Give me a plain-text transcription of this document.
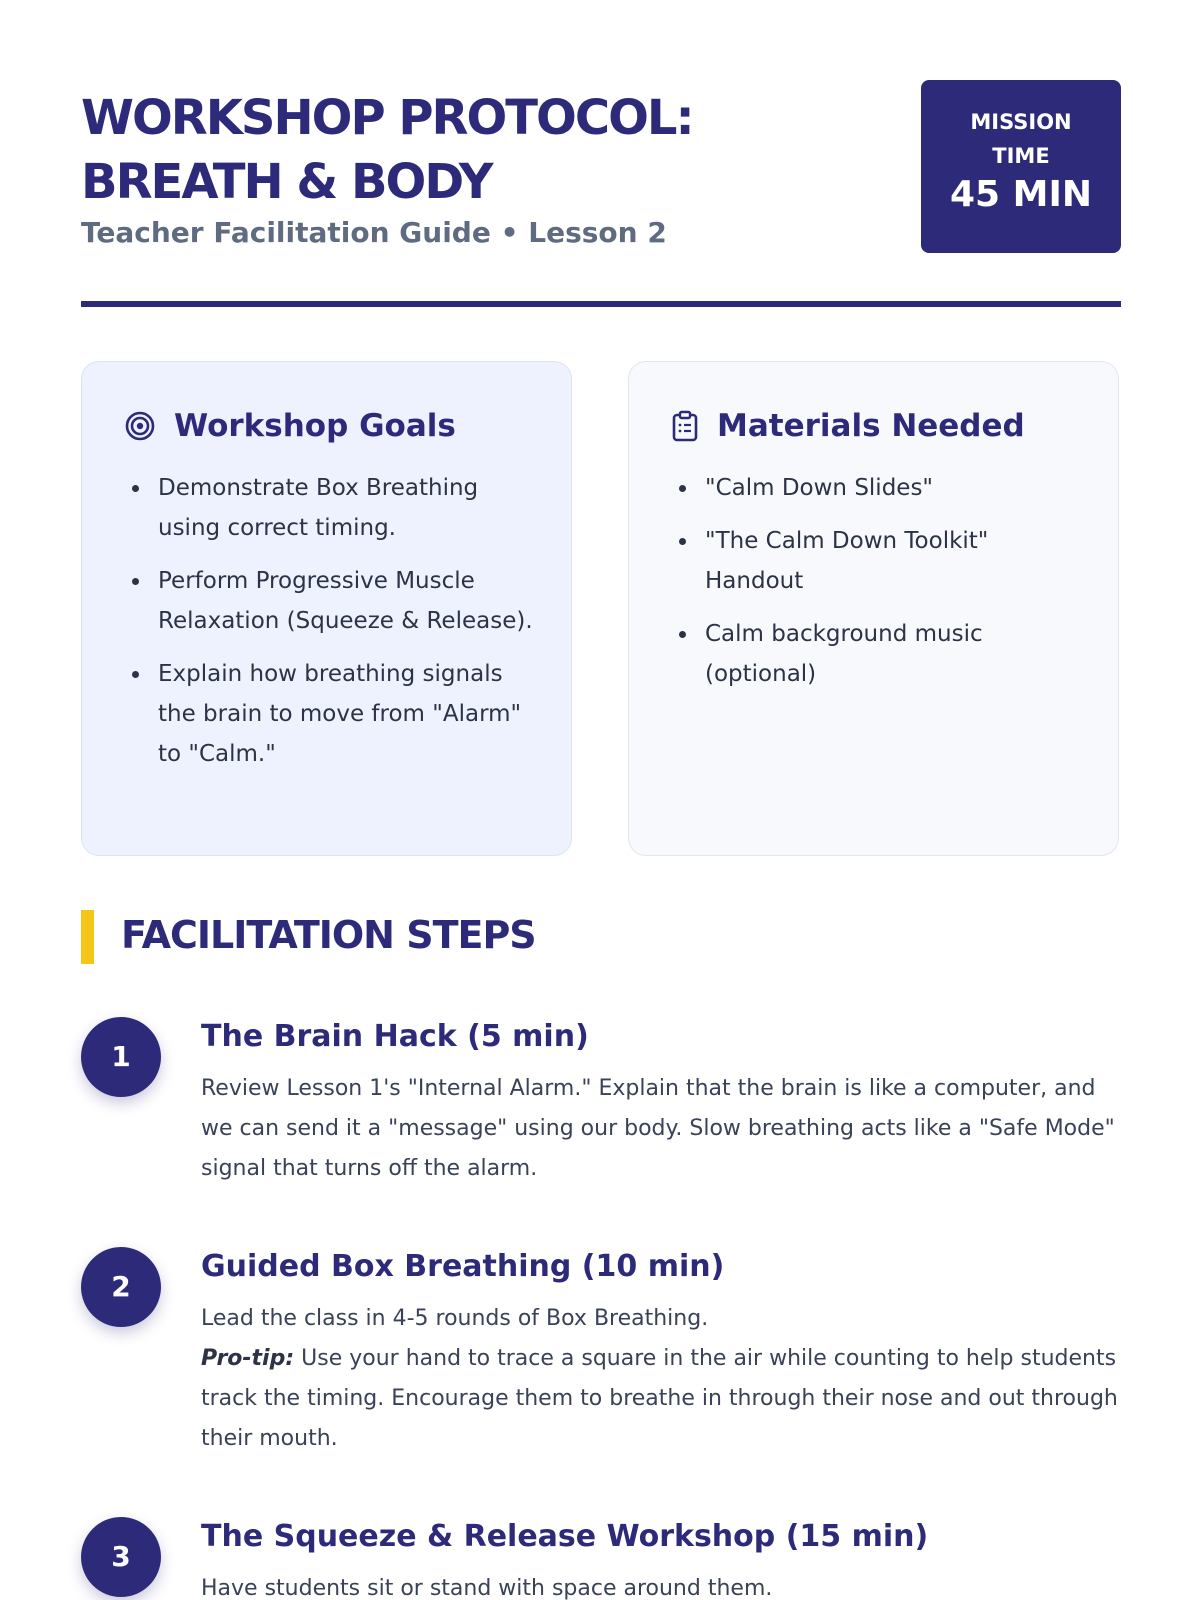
WORKSHOP PROTOCOL:
BREATH & BODY
Teacher Facilitation Guide • Lesson 2
MISSION
TIME
45 MIN
Workshop Goals
Demonstrate Box Breathing using correct timing.
Perform Progressive Muscle Relaxation (Squeeze & Release).
Explain how breathing signals the brain to move from "Alarm" to "Calm."
Materials Needed
"Calm Down Slides"
"The Calm Down Toolkit" Handout
Calm background music (optional)
FACILITATION STEPS
1
The Brain Hack (5 min)

Review Lesson 1's "Internal Alarm." Explain that the brain is like a computer, and we can send it a "message" using our body. Slow breathing acts like a "Safe Mode" signal that turns off the alarm.

2
Guided Box Breathing (10 min)

Lead the class in 4-5 rounds of Box Breathing.

Pro-tip: Use your hand to trace a square in the air while counting to help students track the timing. Encourage them to breathe in through their nose and out through their mouth.

3
The Squeeze & Release Workshop (15 min)

Have students sit or stand with space around them.
